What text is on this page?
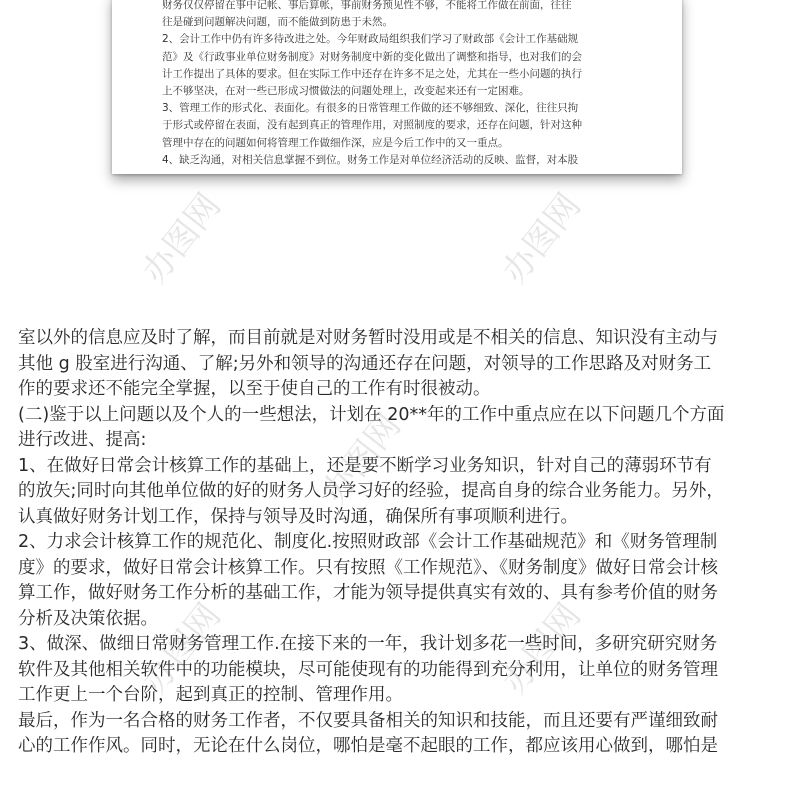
办图网	办图网
财务仅仅停留在事中记帐、事后算帐，事前财务预见性不够，不能将工作做在前面，往往
往是碰到问题解决问题，而不能做到防患于未然。
2、会计工作中仍有许多待改进之处。今年财政局组织我们学习了财政部《会计工作基础规
范》及《行政事业单位财务制度》对财务制度中新的变化做出了调整和指导，也对我们的会
计工作提出了具体的要求。但在实际工作中还存在许多不足之处，尤其在一些小问题的执行
上不够坚决，在对一些已形成习惯做法的问题处理上，改变起来还有一定困难。
3、管理工作的形式化、表面化。有很多的日常管理工作做的还不够细致、深化，往往只拘
于形式或停留在表面，没有起到真正的管理作用，对照制度的要求，还存在问题，针对这种
管理中存在的问题如何将管理工作做细作深，应是今后工作中的又一重点。
4、缺乏沟通，对相关信息掌握不到位。财务工作是对单位经济活动的反映、监督，对本股
办图网
办图网
办图网
室以外的信息应及时了解，而目前就是对财务暂时没用或是不相关的信息、知识没有主动与
其他 g 股室进行沟通、了解;另外和领导的沟通还存在问题，对领导的工作思路及对财务工
作的要求还不能完全掌握，以至于使自己的工作有时很被动。
(二)鉴于以上问题以及个人的一些想法，计划在 20**年的工作中重点应在以下问题几个方面
进行改进、提高:
1、在做好日常会计核算工作的基础上，还是要不断学习业务知识，针对自己的薄弱环节有
的放矢;同时向其他单位做的好的财务人员学习好的经验，提高自身的综合业务能力。另外，
认真做好财务计划工作，保持与领导及时沟通，确保所有事项顺利进行。
2、力求会计核算工作的规范化、制度化.按照财政部《会计工作基础规范》和《财务管理制
度》的要求，做好日常会计核算工作。只有按照《工作规范》、《财务制度》做好日常会计核
算工作，做好财务工作分析的基础工作，才能为领导提供真实有效的、具有参考价值的财务
分析及决策依据。
3、做深、做细日常财务管理工作.在接下来的一年，我计划多花一些时间，多研究研究财务
软件及其他相关软件中的功能模块，尽可能使现有的功能得到充分利用，让单位的财务管理
工作更上一个台阶，起到真正的控制、管理作用。
最后，作为一名合格的财务工作者，不仅要具备相关的知识和技能，而且还要有严谨细致耐
心的工作作风。同时，无论在什么岗位，哪怕是毫不起眼的工作，都应该用心做到，哪怕是
